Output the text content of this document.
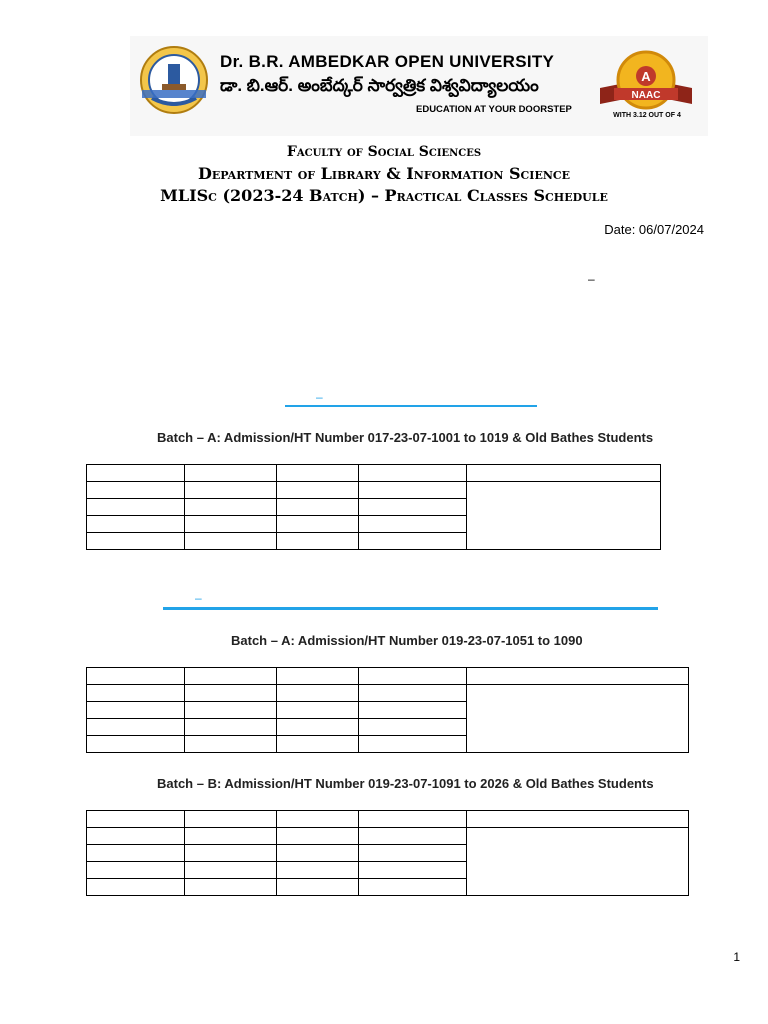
Dr. B.R. AMBEDKAR OPEN UNIVERSITY
డా. బి.ఆర్. అంబేద్కర్ సార్వత్రిక విశ్వవిద్యాలయం
EDUCATION AT YOUR DOORSTEP
A
NAAC
WITH 3.12 OUT OF 4
Faculty of Social Sciences
Department of Library & Information Science
MLISc (2023-24 Batch) – Practical Classes Schedule
Date: 06/07/2024
–
–
Batch – A: Admission/HT Number 017-23-07-1001 to 1019 & Old Bathes Students

–
Batch – A: Admission/HT Number 019-23-07-1051 to 1090

Batch – B: Admission/HT Number 019-23-07-1091 to 2026 & Old Bathes Students

1
